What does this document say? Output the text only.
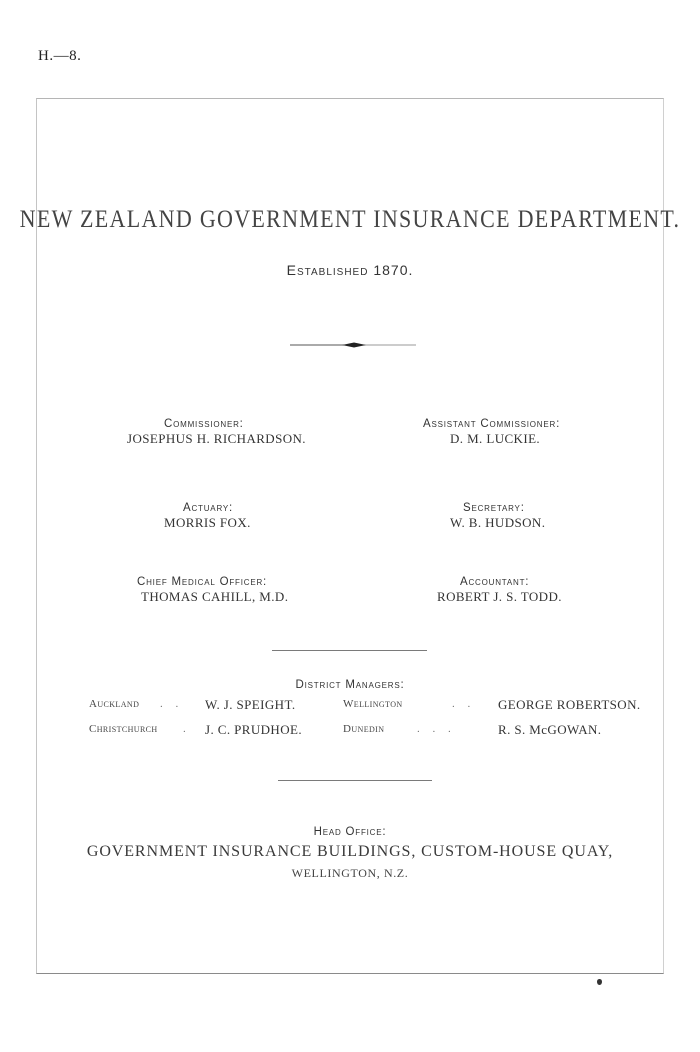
H.—8.
NEW ZEALAND GOVERNMENT INSURANCE DEPARTMENT.
Established 1870.
Commissioner:
JOSEPHUS H. RICHARDSON.
Assistant Commissioner:
D. M. LUCKIE.
Actuary:
MORRIS FOX.
Secretary:
W. B. HUDSON.
Chief Medical Officer:
THOMAS CAHILL, M.D.
Accountant:
ROBERT J. S. TODD.
District Managers:
Auckland . . W. J. SPEIGHT.	Wellington	. . GEORGE ROBERTSON.
Christchurch . J. C. PRUDHOE.	Dunedin	. . .	R. S. McGOWAN.
Head Office:
GOVERNMENT INSURANCE BUILDINGS, CUSTOM-HOUSE QUAY,
WELLINGTON, N.Z.
